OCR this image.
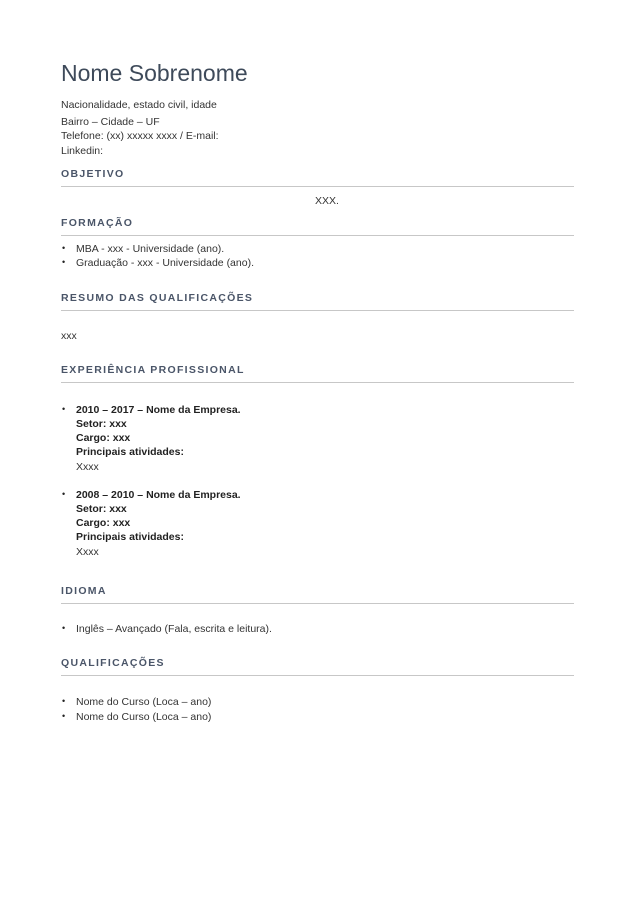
Nome Sobrenome
Nacionalidade, estado civil, idade
Bairro – Cidade – UF
Telefone: (xx) xxxxx xxxx / E-mail:
Linkedin:
OBJETIVO
XXX.
FORMAÇÃO
• MBA - xxx - Universidade (ano).
• Graduação - xxx - Universidade (ano).
RESUMO DAS QUALIFICAÇÕES
xxx
EXPERIÊNCIA PROFISSIONAL
• 2010 – 2017 – Nome da Empresa.
Setor: xxx
Cargo: xxx
Principais atividades:
Xxxx
• 2008 – 2010 – Nome da Empresa.
Setor: xxx
Cargo: xxx
Principais atividades:
Xxxx
IDIOMA
• Inglês – Avançado (Fala, escrita e leitura).
QUALIFICAÇÕES
• Nome do Curso (Loca – ano)
• Nome do Curso (Loca – ano)
